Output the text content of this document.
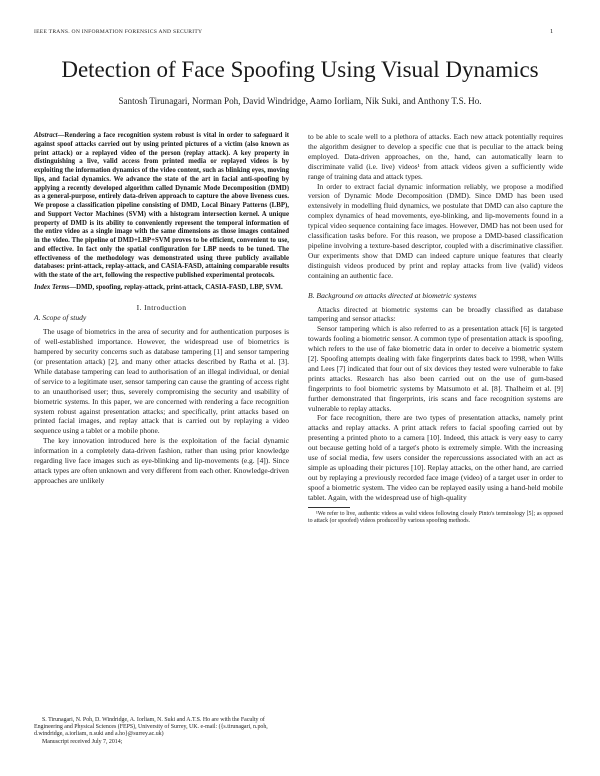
IEEE TRANS. ON INFORMATION FORENSICS AND SECURITY	1
Detection of Face Spoofing Using Visual Dynamics
Santosh Tirunagari, Norman Poh, David Windridge, Aamo Iorliam, Nik Suki, and Anthony T.S. Ho.
Abstract—Rendering a face recognition system robust is vital in order to safeguard it against spoof attacks carried out by using printed pictures of a victim (also known as print attack) or a replayed video of the person (replay attack). A key property in distinguishing a live, valid access from printed media or replayed videos is by exploiting the information dynamics of the video content, such as blinking eyes, moving lips, and facial dynamics. We advance the state of the art in facial anti-spoofing by applying a recently developed algorithm called Dynamic Mode Decomposition (DMD) as a general-purpose, entirely data-driven approach to capture the above liveness cues. We propose a classification pipeline consisting of DMD, Local Binary Patterns (LBP), and Support Vector Machines (SVM) with a histogram intersection kernel. A unique property of DMD is its ability to conveniently represent the temporal information of the entire video as a single image with the same dimensions as those images contained in the video. The pipeline of DMD+LBP+SVM proves to be efficient, convenient to use, and effective. In fact only the spatial configuration for LBP needs to be tuned. The effectiveness of the methodology was demonstrated using three publicly available databases: print-attack, replay-attack, and CASIA-FASD, attaining comparable results with the state of the art, following the respective published experimental protocols.
Index Terms—DMD, spoofing, replay-attack, print-attack, CASIA-FASD, LBP, SVM.
I. Introduction
A. Scope of study

The usage of biometrics in the area of security and for authentication purposes is of well-established importance. However, the widespread use of biometrics is hampered by security concerns such as database tampering [1] and sensor tampering (or presentation attack) [2], and many other attacks described by Ratha et al. [3]. While database tampering can lead to authorisation of an illegal individual, or denial of service to a legitimate user, sensor tampering can cause the granting of access right to an unauthorised user; thus, severely compromising the security and usability of biometric systems. In this paper, we are concerned with rendering a face recognition system robust against presentation attacks; and specifically, print attacks based on printed facial images, and replay attack that is carried out by replaying a video sequence using a tablet or a mobile phone.

The key innovation introduced here is the exploitation of the facial dynamic information in a completely data-driven fashion, rather than using prior knowledge regarding live face images such as eye-blinking and lip-movements (e.g. [4]). Since attack types are often unknown and very different from each other. Knowledge-driven approaches are unlikely

S. Tirunagari, N. Poh, D. Windridge, A. Iorliam, N. Suki and A.T.S. Ho are with the Faculty of Engineering and Physical Sciences (FEPS), University of Surrey, UK. e-mail: ({s.tirunagari, n.poh, d.windridge, a.iorliam, n.suki and a.ho}@surrey.ac.uk)

Manuscript received July 7, 2014;

to be able to scale well to a plethora of attacks. Each new attack potentially requires the algorithm designer to develop a specific cue that is peculiar to the attack being employed. Data-driven approaches, on the, hand, can automatically learn to discriminate valid (i.e. live) videos¹ from attack videos given a sufficiently wide range of training data and attack types.

In order to extract facial dynamic information reliably, we propose a modified version of Dynamic Mode Decomposition (DMD). Since DMD has been used extensively in modelling fluid dynamics, we postulate that DMD can also capture the complex dynamics of head movements, eye-blinking, and lip-movements found in a typical video sequence containing face images. However, DMD has not been used for classification tasks before. For this reason, we propose a DMD-based classification pipeline involving a texture-based descriptor, coupled with a discriminative classifier. Our experiments show that DMD can indeed capture unique features that clearly distinguish videos produced by print and replay attacks from live (valid) videos containing an authentic face.

B. Background on attacks directed at biometric systems

Attacks directed at biometric systems can be broadly classified as database tampering and sensor attacks:

Sensor tampering which is also referred to as a presentation attack [6] is targeted towards fooling a biometric sensor. A common type of presentation attack is spoofing, which refers to the use of fake biometric data in order to deceive a biometric system [2]. Spoofing attempts dealing with fake fingerprints dates back to 1998, when Wills and Lees [7] indicated that four out of six devices they tested were vulnerable to fake prints attacks. Research has also been carried out on the use of gum-based fingerprints to fool biometric systems by Matsumoto et al. [8]. Thalheim et al. [9] further demonstrated that fingerprints, iris scans and face recognition systems are vulnerable to replay attacks.

For face recognition, there are two types of presentation attacks, namely print attacks and replay attacks. A print attack refers to facial spoofing carried out by presenting a printed photo to a camera [10]. Indeed, this attack is very easy to carry out because getting hold of a target's photo is extremely simple. With the increasing use of social media, few users consider the repercussions associated with an act as simple as uploading their pictures [10]. Replay attacks, on the other hand, are carried out by replaying a previously recorded face image (video) of a target user in order to spoof a biometric system. The video can be replayed easily using a hand-held mobile tablet. Again, with the widespread use of high-quality

¹We refer to live, authentic videos as valid videos following closely Pinto's terminology [5]; as opposed to attack (or spoofed) videos produced by various spoofing methods.
